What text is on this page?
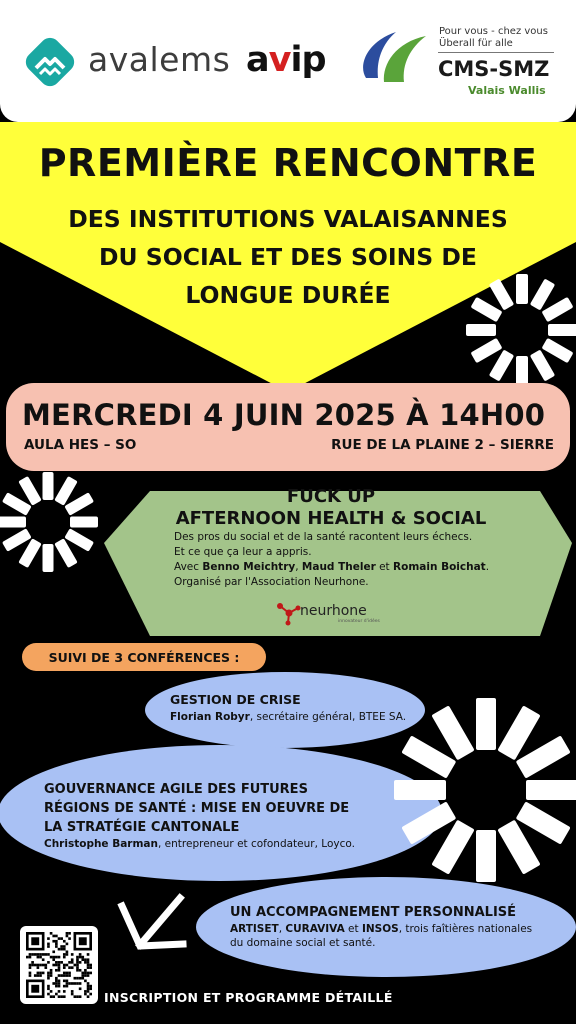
avalems avip
Pour vous - chez vous
Überall für alle
CMS-SMZ
Valais Wallis
PREMIÈRE RENCONTRE
DES INSTITUTIONS VALAISANNES
DU SOCIAL ET DES SOINS DE
LONGUE DURÉE
MERCREDI 4 JUIN 2025 À 14H00
AULA HES – SO	RUE DE LA PLAINE 2 – SIERRE
FUCK UP
AFTERNOON HEALTH & SOCIAL
Des pros du social et de la santé racontent leurs échecs.
Et ce que ça leur a appris.
Avec Benno Meichtry, Maud Theler et Romain Boichat.
Organisé par l'Association Neurhone.
neurhone
innovateur d'idées
SUIVI DE 3 CONFÉRENCES :
GESTION DE CRISE
Florian Robyr, secrétaire général, BTEE SA.
GOUVERNANCE AGILE DES FUTURES
RÉGIONS DE SANTÉ : MISE EN OEUVRE DE
LA STRATÉGIE CANTONALE
Christophe Barman, entrepreneur et cofondateur, Loyco.
UN ACCOMPAGNEMENT PERSONNALISÉ
ARTISET, CURAVIVA et INSOS, trois faîtières nationales
du domaine social et santé.
INSCRIPTION ET PROGRAMME DÉTAILLÉ
